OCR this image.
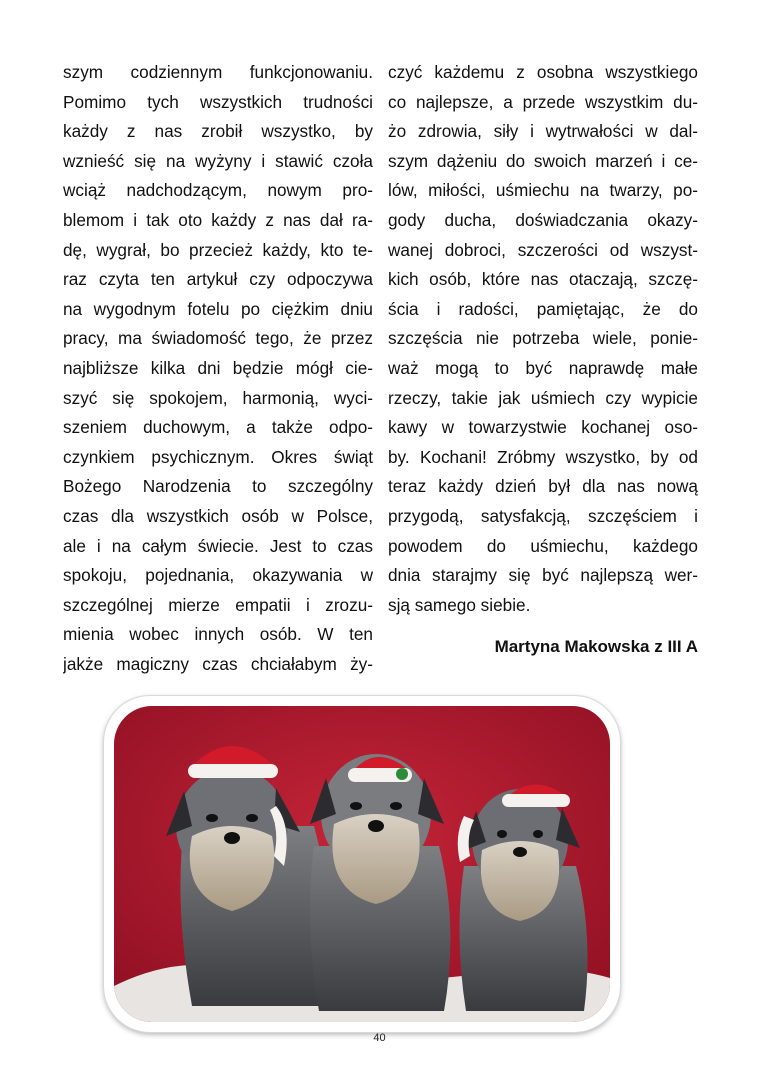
szym codziennym funkcjonowaniu.
Pomimo tych wszystkich trudności
każdy z nas zrobił wszystko, by
wznieść się na wyżyny i stawić czoła
wciąż nadchodzącym, nowym pro-
blemom i tak oto każdy z nas dał ra-
dę, wygrał, bo przecież każdy, kto te-
raz czyta ten artykuł czy odpoczywa
na wygodnym fotelu po ciężkim dniu
pracy, ma świadomość tego, że przez
najbliższe kilka dni będzie mógł cie-
szyć się spokojem, harmonią, wyci-
szeniem duchowym, a także odpo-
czynkiem psychicznym. Okres świąt
Bożego Narodzenia to szczególny
czas dla wszystkich osób w Polsce,
ale i na całym świecie. Jest to czas
spokoju, pojednania, okazywania w
szczególnej mierze empatii i zrozu-
mienia wobec innych osób. W ten
jakże magiczny czas chciałabym ży-
czyć każdemu z osobna wszystkiego
co najlepsze, a przede wszystkim du-
żo zdrowia, siły i wytrwałości w dal-
szym dążeniu do swoich marzeń i ce-
lów, miłości, uśmiechu na twarzy, po-
gody ducha, doświadczania okazy-
wanej dobroci, szczerości od wszyst-
kich osób, które nas otaczają, szczę-
ścia i radości, pamiętając, że do
szczęścia nie potrzeba wiele, ponie-
waż mogą to być naprawdę małe
rzeczy, takie jak uśmiech czy wypicie
kawy w towarzystwie kochanej oso-
by. Kochani! Zróbmy wszystko, by od
teraz każdy dzień był dla nas nową
przygodą, satysfakcją, szczęściem i
powodem do uśmiechu, każdego
dnia starajmy się być najlepszą wer-
sją samego siebie.
Martyna Makowska z III A
40
